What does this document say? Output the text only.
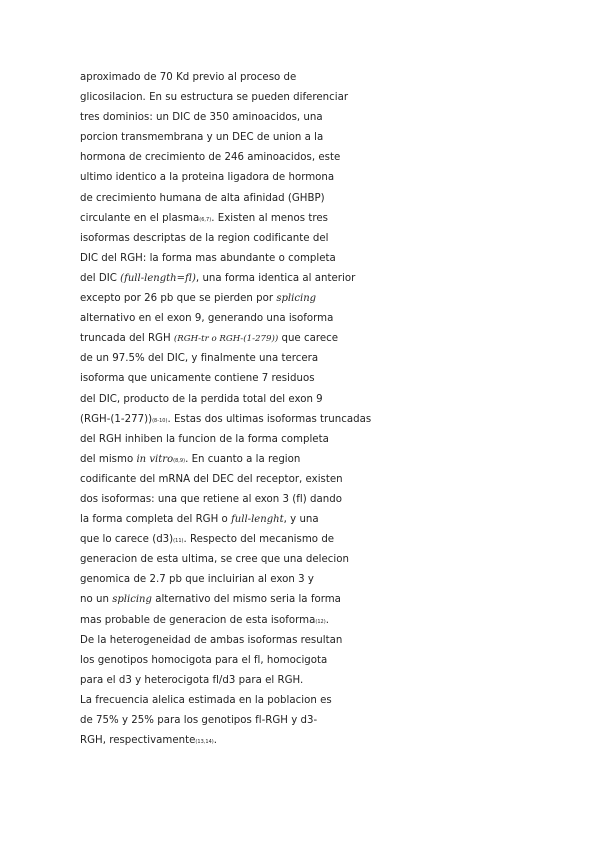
aproximado de 70 Kd previo al proceso de
glicosilacion. En su estructura se pueden diferenciar
tres dominios: un DIC de 350 aminoacidos, una
porcion transmembrana y un DEC de union a la
hormona de crecimiento de 246 aminoacidos, este
ultimo identico a la proteina ligadora de hormona
de crecimiento humana de alta afinidad (GHBP)
circulante en el plasma(6,7). Existen al menos tres
isoformas descriptas de la region codificante del
DIC del RGH: la forma mas abundante o completa
del DIC (full-length=fl), una forma identica al anterior
excepto por 26 pb que se pierden por splicing
alternativo en el exon 9, generando una isoforma
truncada del RGH (RGH-tr o RGH-(1-279)) que carece
de un 97.5% del DIC, y finalmente una tercera
isoforma que unicamente contiene 7 residuos
del DIC, producto de la perdida total del exon 9
(RGH-(1-277))(8-10). Estas dos ultimas isoformas truncadas
del RGH inhiben la funcion de la forma completa
del mismo in vitro(8,9). En cuanto a la region
codificante del mRNA del DEC del receptor, existen
dos isoformas: una que retiene al exon 3 (fl) dando
la forma completa del RGH o full-lenght, y una
que lo carece (d3)(11). Respecto del mecanismo de
generacion de esta ultima, se cree que una delecion
genomica de 2.7 pb que incluirian al exon 3 y
no un splicing alternativo del mismo seria la forma
mas probable de generacion de esta isoforma(12).
De la heterogeneidad de ambas isoformas resultan
los genotipos homocigota para el fl, homocigota
para el d3 y heterocigota fl/d3 para el RGH.
La frecuencia alelica estimada en la poblacion es
de 75% y 25% para los genotipos fl-RGH y d3-
RGH, respectivamente(13,14).
